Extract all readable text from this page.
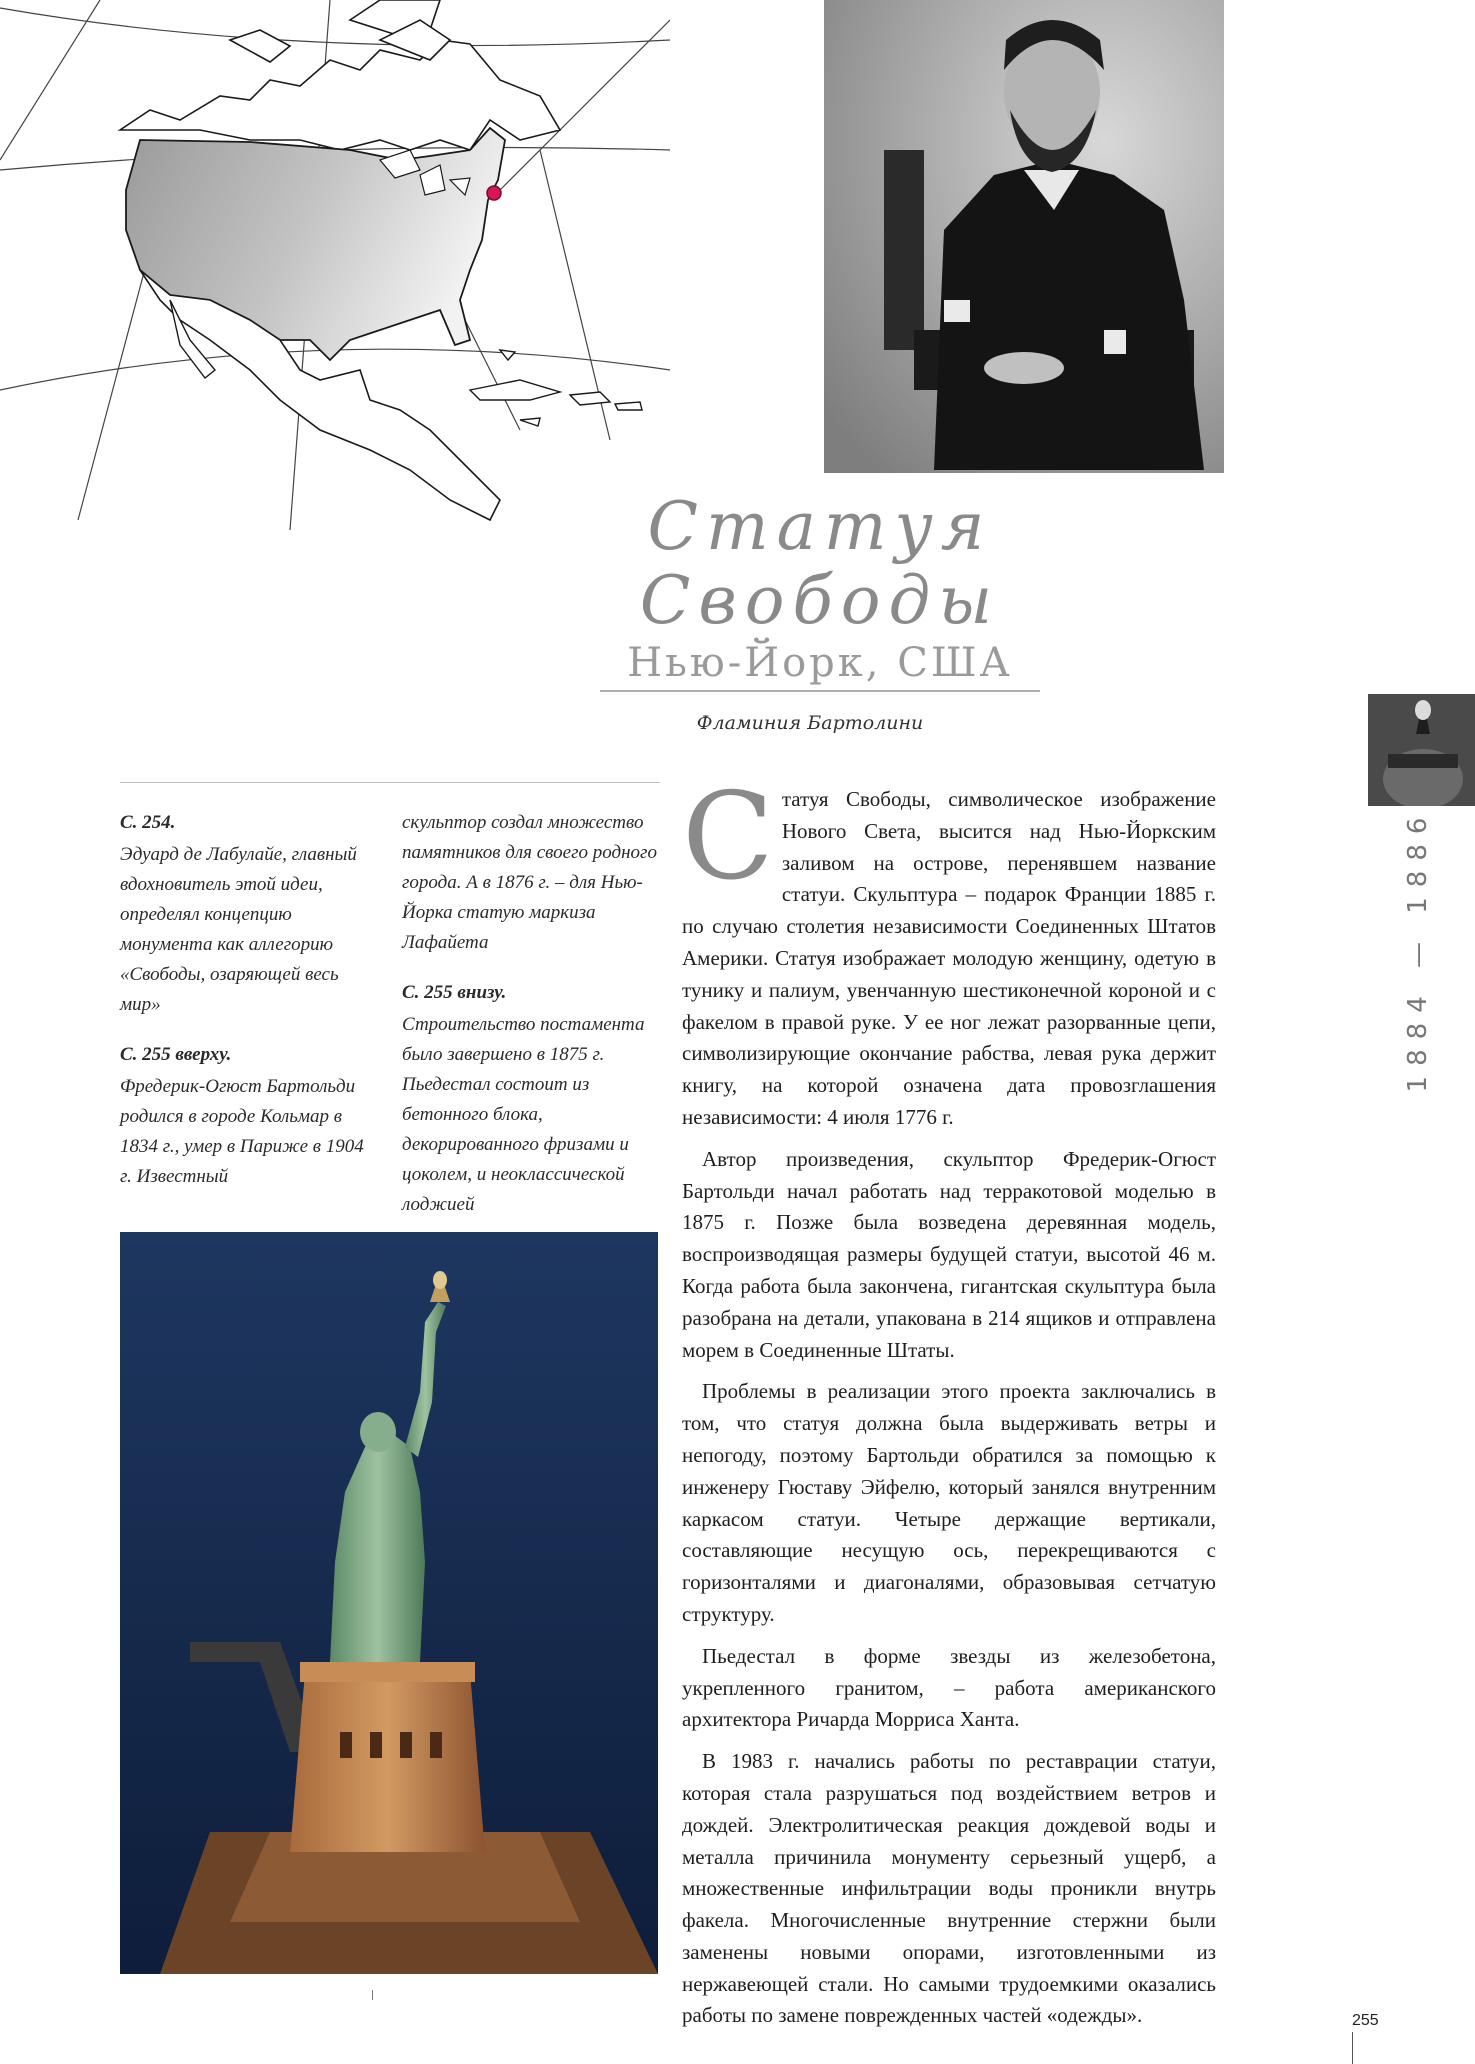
Статуя
Свободы
Нью-Йорк, США
Фламиния Бартолини
С. 254.
Эдуард де Лабулайе, главный вдохновитель этой идеи, определял концепцию монумента как аллегорию «Свободы, озаряющей весь мир»
С. 255 вверху.
Фредерик-Огюст Бартольди родился в городе Кольмар в 1834 г., умер в Париже в 1904 г. Известный
скульптор создал множество памятников для своего родного города. А в 1876 г. – для Нью-Йорка статую маркиза Лафайета
С. 255 внизу.
Строительство постамента было завершено в 1875 г. Пьедестал состоит из бетонного блока, декорированного фризами и цоколем, и неоклассической лоджией

Статуя Свободы, символическое изображение Нового Света, высится над Нью-Йоркским заливом на острове, перенявшем название статуи. Скульптура – подарок Франции 1885 г. по случаю столетия независимости Соединенных Штатов Америки. Статуя изображает молодую женщину, одетую в тунику и палиум, увенчанную шестиконечной короной и с факелом в правой руке. У ее ног лежат разорванные цепи, символизирующие окончание рабства, левая рука держит книгу, на которой означена дата провозглашения независимости: 4 июля 1776 г.

Автор произведения, скульптор Фредерик-Огюст Бартольди начал работать над терракотовой моделью в 1875 г. Позже была возведена деревянная модель, воспроизводящая размеры будущей статуи, высотой 46 м. Когда работа была закончена, гигантская скульптура была разобрана на детали, упакована в 214 ящиков и отправлена морем в Соединенные Штаты.

Проблемы в реализации этого проекта заключались в том, что статуя должна была выдерживать ветры и непогоду, поэтому Бартольди обратился за помощью к инженеру Гюставу Эйфелю, который занялся внутренним каркасом статуи. Четыре держащие вертикали, составляющие несущую ось, перекрещиваются с горизонталями и диагоналями, образовывая сетчатую структуру.

Пьедестал в форме звезды из железобетона, укрепленного гранитом, – работа американского архитектора Ричарда Морриса Ханта.

В 1983 г. начались работы по реставрации статуи, которая стала разрушаться под воздействием ветров и дождей. Электролитическая реакция дождевой воды и металла причинила монументу серьезный ущерб, а множественные инфильтрации воды проникли внутрь факела. Многочисленные внутренние стержни были заменены новыми опорами, изготовленными из нержавеющей стали. Но самыми трудоемкими оказались работы по замене поврежденных частей «одежды».

1884 — 1886
255
